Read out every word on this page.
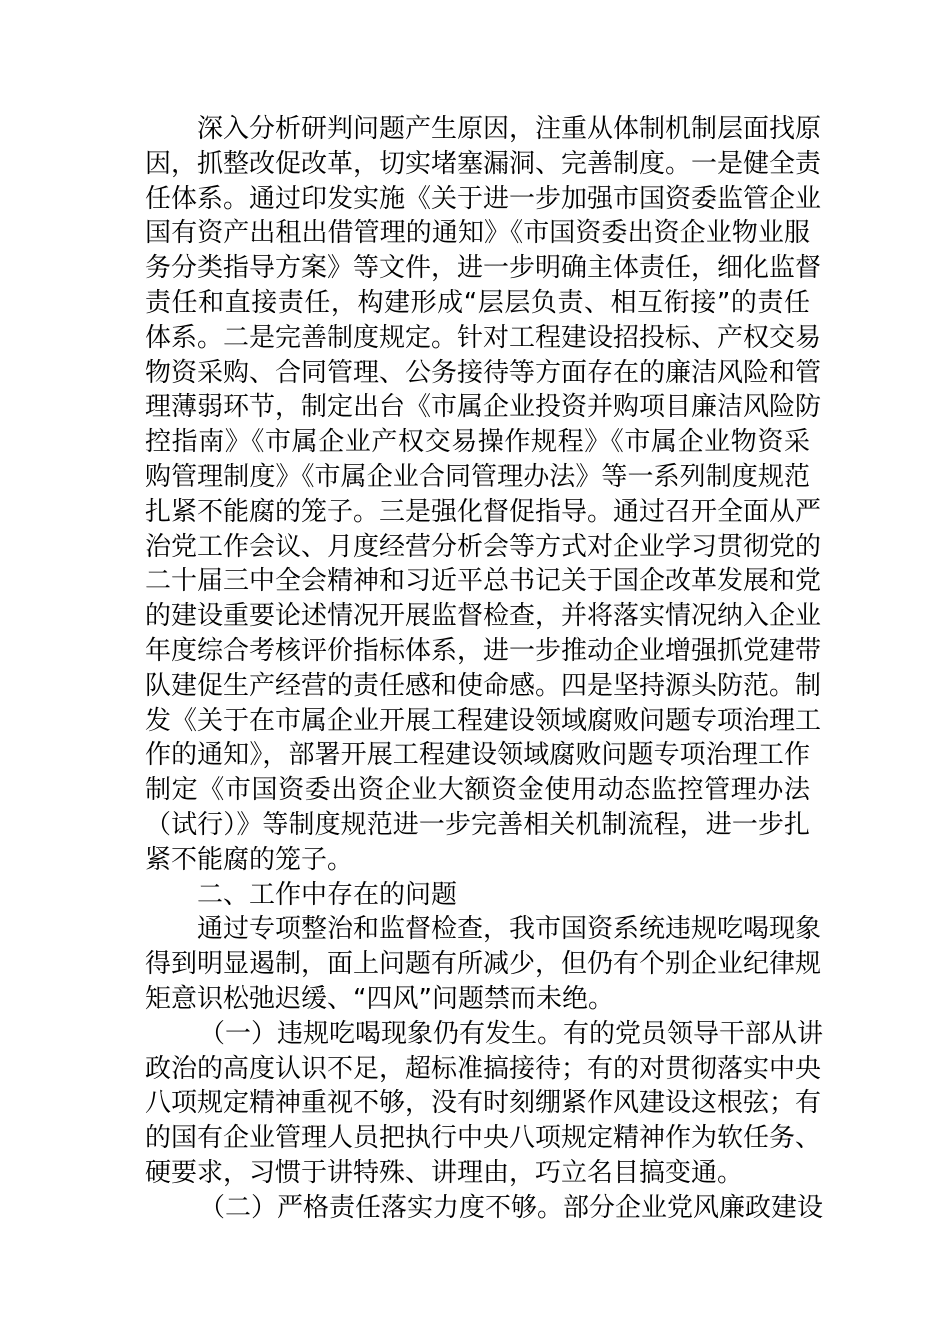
深入分析研判问题产生原因，注重从体制机制层面找原
因，抓整改促改革，切实堵塞漏洞、完善制度。一是健全责
任体系。通过印发实施《关于进一步加强市国资委监管企业
国有资产出租出借管理的通知》《市国资委出资企业物业服
务分类指导方案》等文件，进一步明确主体责任，细化监督
责任和直接责任，构建形成“层层负责、相互衔接”的责任
体系。二是完善制度规定。针对工程建设招投标、产权交易
物资采购、合同管理、公务接待等方面存在的廉洁风险和管
理薄弱环节，制定出台《市属企业投资并购项目廉洁风险防
控指南》《市属企业产权交易操作规程》《市属企业物资采
购管理制度》《市属企业合同管理办法》等一系列制度规范
扎紧不能腐的笼子。三是强化督促指导。通过召开全面从严
治党工作会议、月度经营分析会等方式对企业学习贯彻党的
二十届三中全会精神和习近平总书记关于国企改革发展和党
的建设重要论述情况开展监督检查，并将落实情况纳入企业
年度综合考核评价指标体系，进一步推动企业增强抓党建带
队建促生产经营的责任感和使命感。四是坚持源头防范。制
发《关于在市属企业开展工程建设领域腐败问题专项治理工
作的通知》，部署开展工程建设领域腐败问题专项治理工作
制定《市国资委出资企业大额资金使用动态监控管理办法
（试行）》等制度规范进一步完善相关机制流程，进一步扎
紧不能腐的笼子。
二、工作中存在的问题
通过专项整治和监督检查，我市国资系统违规吃喝现象
得到明显遏制，面上问题有所减少，但仍有个别企业纪律规
矩意识松弛迟缓、“四风”问题禁而未绝。
（一）违规吃喝现象仍有发生。有的党员领导干部从讲
政治的高度认识不足，超标准搞接待；有的对贯彻落实中央
八项规定精神重视不够，没有时刻绷紧作风建设这根弦；有
的国有企业管理人员把执行中央八项规定精神作为软任务、
硬要求，习惯于讲特殊、讲理由，巧立名目搞变通。
（二）严格责任落实力度不够。部分企业党风廉政建设
